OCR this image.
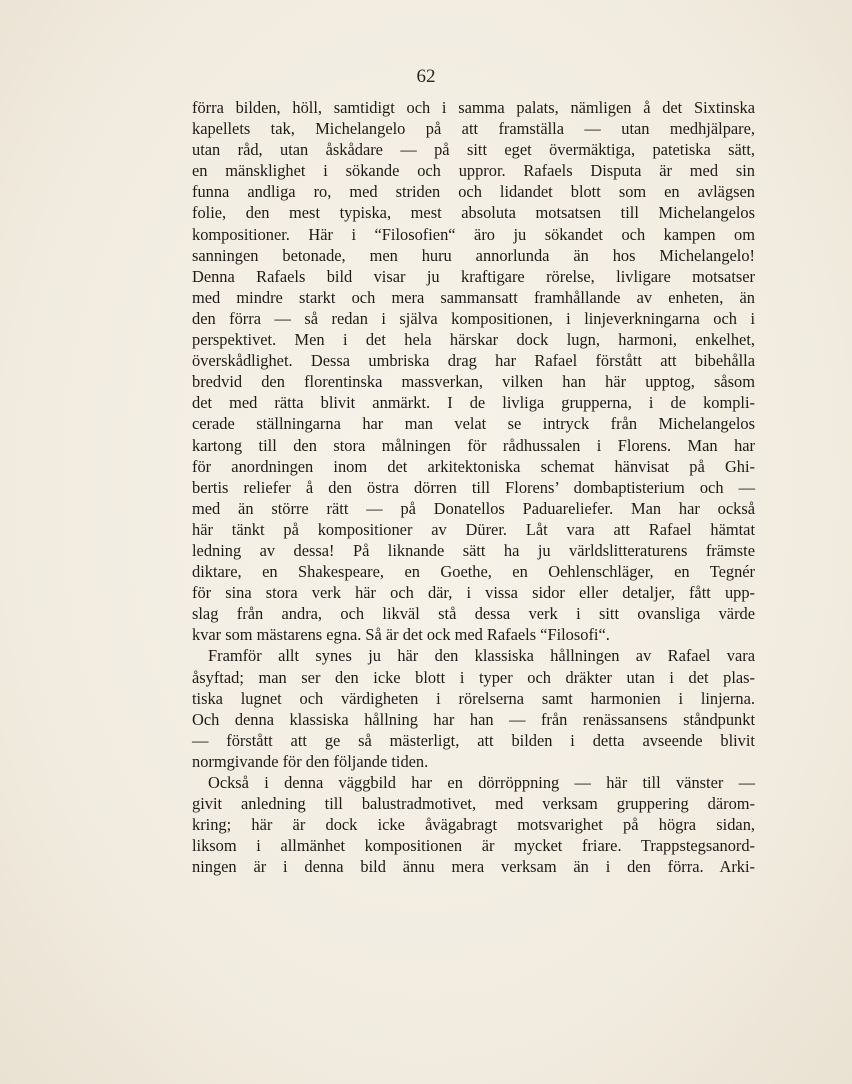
62
förra bilden, höll, samtidigt och i samma palats, nämligen å det Sixtinska
kapellets tak, Michelangelo på att framställa — utan medhjälpare,
utan råd, utan åskådare — på sitt eget övermäktiga, patetiska sätt,
en mänsklighet i sökande och uppror. Rafaels Disputa är med sin
funna andliga ro, med striden och lidandet blott som en avlägsen
folie, den mest typiska, mest absoluta motsatsen till Michelangelos
kompositioner. Här i “Filosofien“ äro ju sökandet och kampen om
sanningen betonade, men huru annorlunda än hos Michelangelo!
Denna Rafaels bild visar ju kraftigare rörelse, livligare motsatser
med mindre starkt och mera sammansatt framhållande av enheten, än
den förra — så redan i själva kompositionen, i linjeverkningarna och i
perspektivet. Men i det hela härskar dock lugn, harmoni, enkelhet,
överskådlighet. Dessa umbriska drag har Rafael förstått att bibehålla
bredvid den florentinska massverkan, vilken han här upptog, såsom
det med rätta blivit anmärkt. I de livliga grupperna, i de kompli-
cerade ställningarna har man velat se intryck från Michelangelos
kartong till den stora målningen för rådhussalen i Florens. Man har
för anordningen inom det arkitektoniska schemat hänvisat på Ghi-
bertis reliefer å den östra dörren till Florens’ dombaptisterium och —
med än större rätt — på Donatellos Paduareliefer. Man har också
här tänkt på kompositioner av Dürer. Låt vara att Rafael hämtat
ledning av dessa! På liknande sätt ha ju världslitteraturens främste
diktare, en Shakespeare, en Goethe, en Oehlenschläger, en Tegnér
för sina stora verk här och där, i vissa sidor eller detaljer, fått upp-
slag från andra, och likväl stå dessa verk i sitt ovansliga värde
kvar som mästarens egna. Så är det ock med Rafaels “Filosofi“.
Framför allt synes ju här den klassiska hållningen av Rafael vara
åsyftad; man ser den icke blott i typer och dräkter utan i det plas-
tiska lugnet och värdigheten i rörelserna samt harmonien i linjerna.
Och denna klassiska hållning har han — från renässansens ståndpunkt
— förstått att ge så mästerligt, att bilden i detta avseende blivit
normgivande för den följande tiden.
Också i denna väggbild har en dörröppning — här till vänster —
givit anledning till balustradmotivet, med verksam gruppering därom-
kring; här är dock icke åvägabragt motsvarighet på högra sidan,
liksom i allmänhet kompositionen är mycket friare. Trappstegsanord-
ningen är i denna bild ännu mera verksam än i den förra. Arki-
